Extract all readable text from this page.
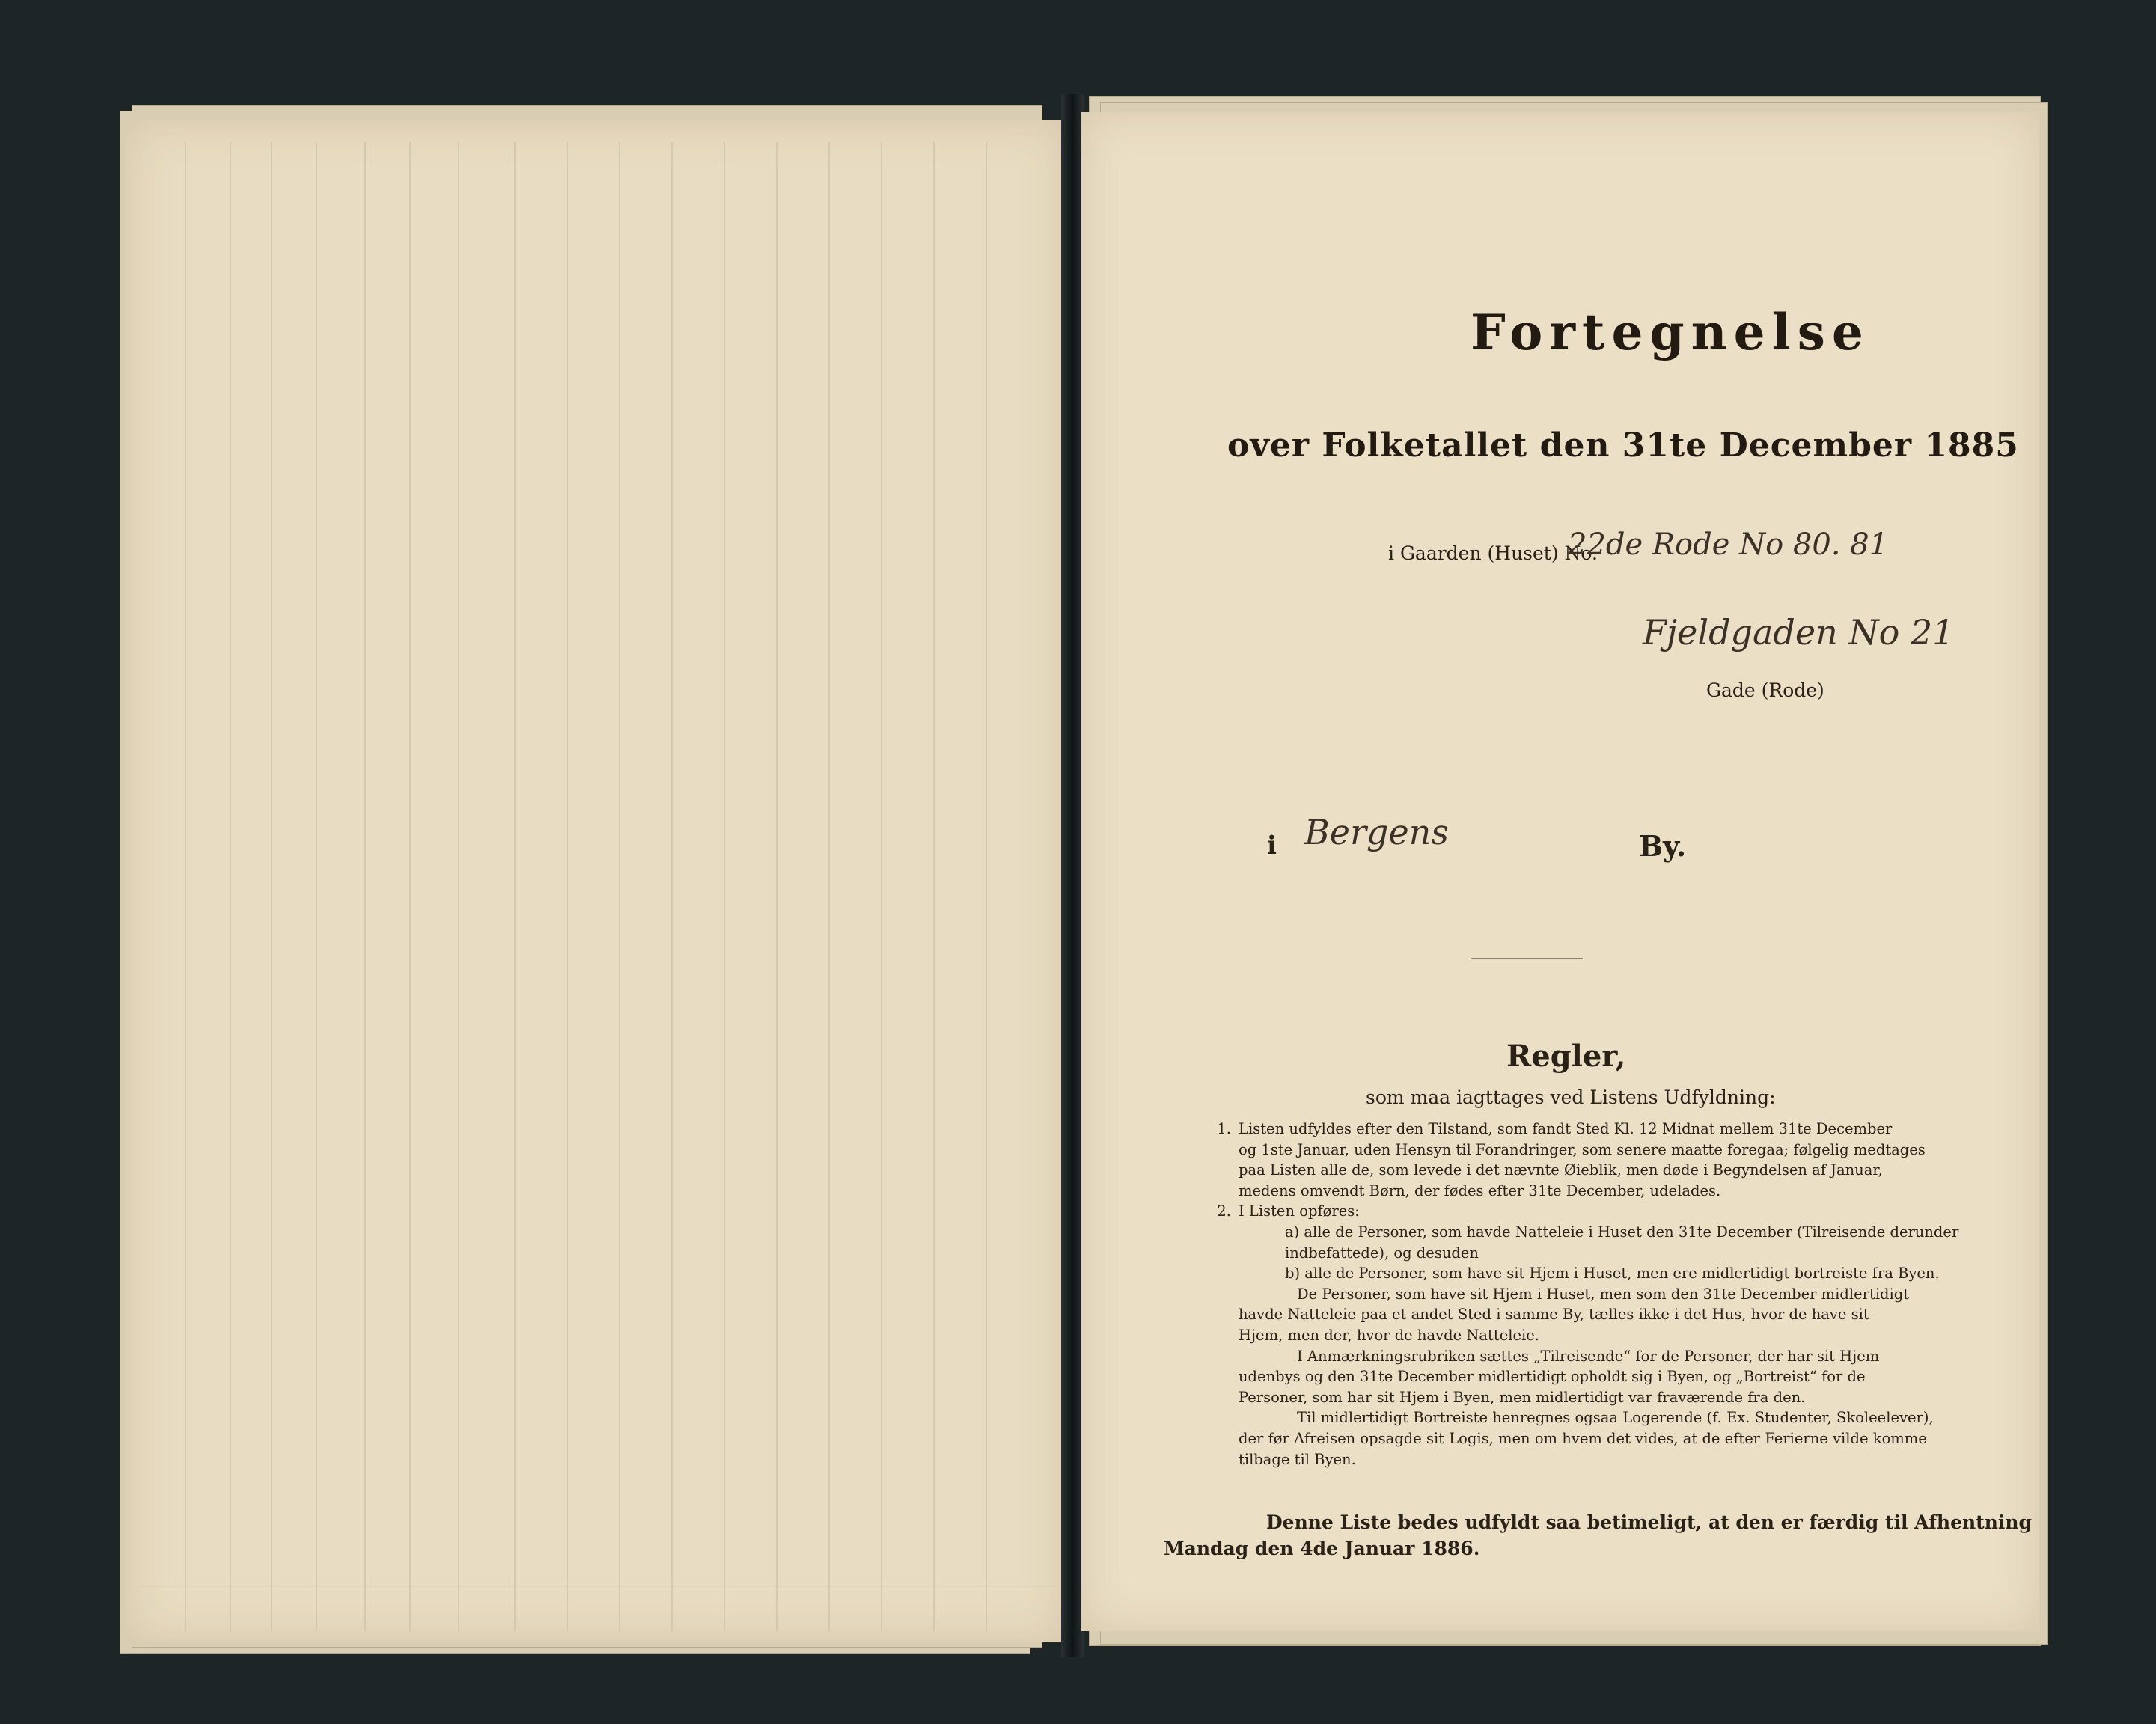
Fortegnelse
over Folketallet den 31te December 1885
i Gaarden (Huset) No.
22de Rode No 80. 81
Fjeldgaden No 21
Gade (Rode)
i Bergens	By.
Regler,
som maa iagttages ved Listens Udfyldning:
1. Listen udfyldes efter den Tilstand, som fandt Sted Kl. 12 Midnat mellem 31te December
og 1ste Januar, uden Hensyn til Forandringer, som senere maatte foregaa; følgelig medtages
paa Listen alle de, som levede i det nævnte Øieblik, men døde i Begyndelsen af Januar,
medens omvendt Børn, der fødes efter 31te December, udelades.
2. I Listen opføres:
a) alle de Personer, som havde Natteleie i Huset den 31te December (Tilreisende derunder
indbefattede), og desuden
b) alle de Personer, som have sit Hjem i Huset, men ere midlertidigt bortreiste fra Byen.
De Personer, som have sit Hjem i Huset, men som den 31te December midlertidigt
havde Natteleie paa et andet Sted i samme By, tælles ikke i det Hus, hvor de have sit
Hjem, men der, hvor de havde Natteleie.
I Anmærkningsrubriken sættes „Tilreisende“ for de Personer, der har sit Hjem
udenbys og den 31te December midlertidigt opholdt sig i Byen, og „Bortreist“ for de
Personer, som har sit Hjem i Byen, men midlertidigt var fraværende fra den.
Til midlertidigt Bortreiste henregnes ogsaa Logerende (f. Ex. Studenter, Skoleelever),
der før Afreisen opsagde sit Logis, men om hvem det vides, at de efter Ferierne vilde komme
tilbage til Byen.
Denne Liste bedes udfyldt saa betimeligt, at den er færdig til Afhentning
Mandag den 4de Januar 1886.
